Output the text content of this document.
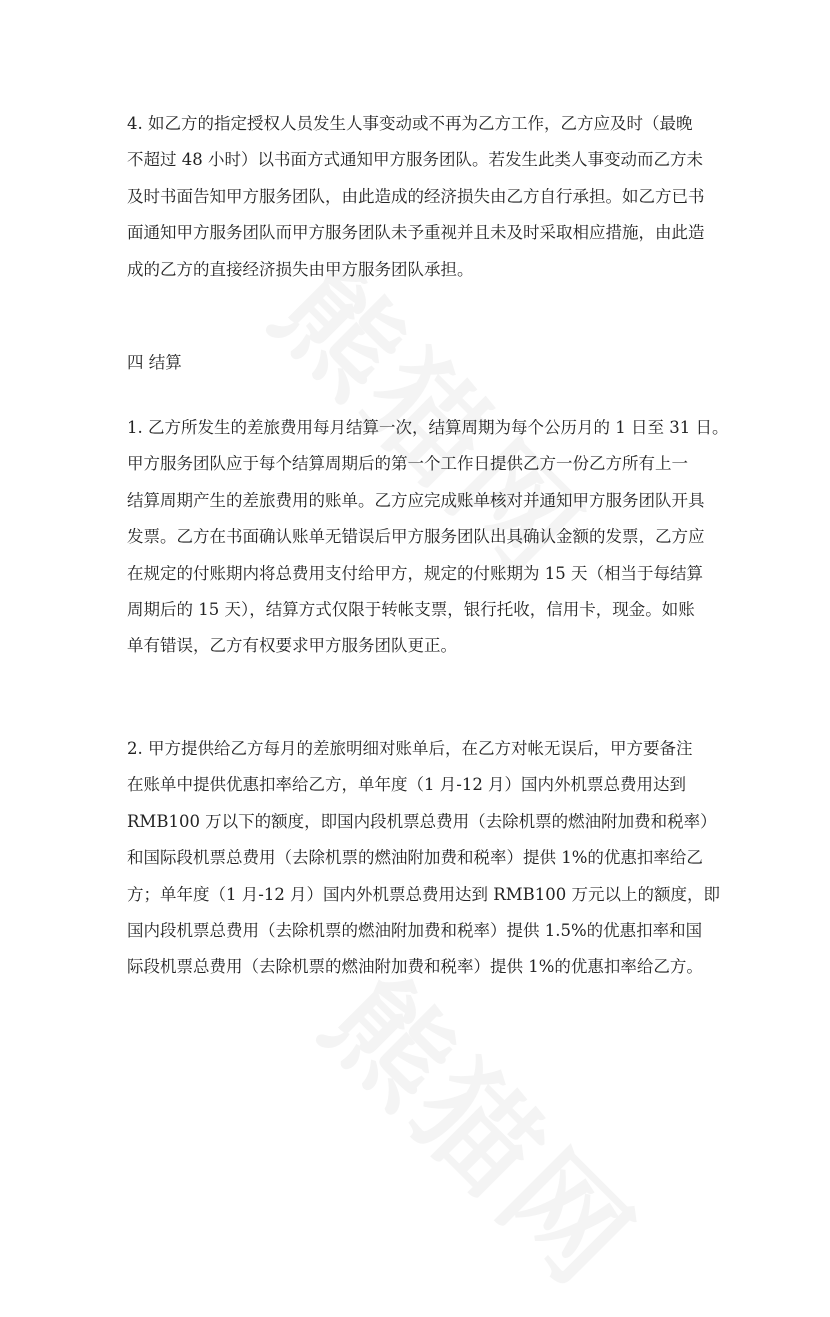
4. 如乙方的指定授权人员发生人事变动或不再为乙方工作，乙方应及时（最晚
不超过 48 小时）以书面方式通知甲方服务团队。若发生此类人事变动而乙方未
及时书面告知甲方服务团队，由此造成的经济损失由乙方自行承担。如乙方已书
面通知甲方服务团队而甲方服务团队未予重视并且未及时采取相应措施，由此造
成的乙方的直接经济损失由甲方服务团队承担。
四 结算
1. 乙方所发生的差旅费用每月结算一次，结算周期为每个公历月的 1 日至 31 日。
甲方服务团队应于每个结算周期后的第一个工作日提供乙方一份乙方所有上一
结算周期产生的差旅费用的账单。乙方应完成账单核对并通知甲方服务团队开具
发票。乙方在书面确认账单无错误后甲方服务团队出具确认金额的发票，乙方应
在规定的付账期内将总费用支付给甲方，规定的付账期为 15 天（相当于每结算
周期后的 15 天），结算方式仅限于转帐支票，银行托收，信用卡，现金。如账
单有错误，乙方有权要求甲方服务团队更正。
2. 甲方提供给乙方每月的差旅明细对账单后，在乙方对帐无误后，甲方要备注
在账单中提供优惠扣率给乙方，单年度（1 月-12 月）国内外机票总费用达到
RMB100 万以下的额度，即国内段机票总费用（去除机票的燃油附加费和税率）
和国际段机票总费用（去除机票的燃油附加费和税率）提供 1%的优惠扣率给乙
方；单年度（1 月-12 月）国内外机票总费用达到 RMB100 万元以上的额度，即
国内段机票总费用（去除机票的燃油附加费和税率）提供 1.5%的优惠扣率和国
际段机票总费用（去除机票的燃油附加费和税率）提供 1%的优惠扣率给乙方。
